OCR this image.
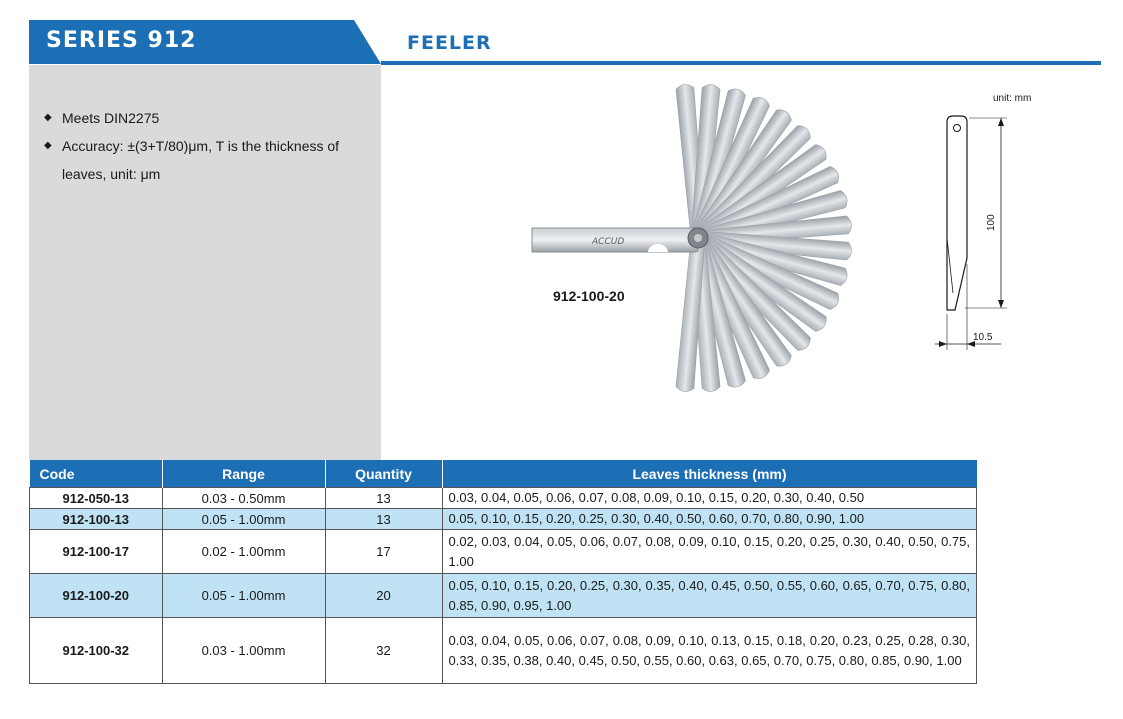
SERIES 912	FEELER
◆ Meets DIN2275
◆ Accuracy: ±(3+T/80)μm, T is the thickness of leaves, unit: μm
ACCUD
912-100-20
unit: mm
100
10.5
Code	Range	Quantity	Leaves thickness (mm)
912-050-13	0.03 - 0.50mm	13	0.03, 0.04, 0.05, 0.06, 0.07, 0.08, 0.09, 0.10, 0.15, 0.20, 0.30, 0.40, 0.50
912-100-13	0.05 - 1.00mm	13	0.05, 0.10, 0.15, 0.20, 0.25, 0.30, 0.40, 0.50, 0.60, 0.70, 0.80, 0.90, 1.00
912-100-17	0.02 - 1.00mm	17	0.02, 0.03, 0.04, 0.05, 0.06, 0.07, 0.08, 0.09, 0.10, 0.15, 0.20, 0.25, 0.30, 0.40, 0.50, 0.75, 1.00
912-100-20	0.05 - 1.00mm	20	0.05, 0.10, 0.15, 0.20, 0.25, 0.30, 0.35, 0.40, 0.45, 0.50, 0.55, 0.60, 0.65, 0.70, 0.75, 0.80, 0.85, 0.90, 0.95, 1.00
912-100-32	0.03 - 1.00mm	32	0.03, 0.04, 0.05, 0.06, 0.07, 0.08, 0.09, 0.10, 0.13, 0.15, 0.18, 0.20, 0.23, 0.25, 0.28, 0.30, 0.33, 0.35, 0.38, 0.40, 0.45, 0.50, 0.55, 0.60, 0.63, 0.65, 0.70, 0.75, 0.80, 0.85, 0.90, 1.00
